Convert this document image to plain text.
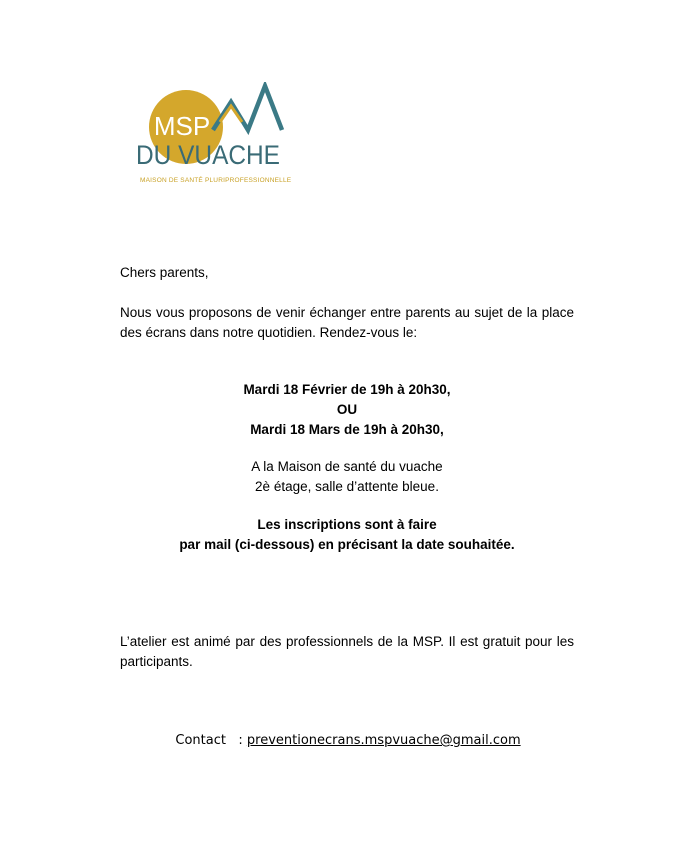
MSP
DU VUACHE
MAISON DE SANTÉ PLURIPROFESSIONNELLE
Chers parents,
Nous vous proposons de venir échanger entre parents au sujet de la place des écrans dans notre quotidien. Rendez-vous le:
Mardi 18 Février de 19h à 20h30,
OU
Mardi 18 Mars de 19h à 20h30,
A la Maison de santé du vuache
2è étage, salle d’attente bleue.
Les inscriptions sont à faire
par mail (ci-dessous) en précisant la date souhaitée.
L’atelier est animé par des professionnels de la MSP. Il est gratuit pour les participants.
Contact   : preventionecrans.mspvuache@gmail.com
